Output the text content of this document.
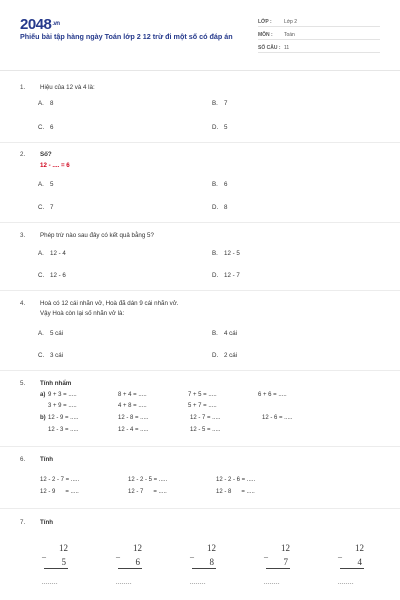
$2048^{.vn}$
Phiếu bài tập hàng ngày Toán lớp 2 12 trừ đi một số có đáp án
LỚP :	Lớp 2
MÔN :	Toán
SỐ CÂU : 11
1. Hiệu của 12 và 4 là:
A. 8	B. 7
C. 6	D. 5
2. Số?
12 - .... = 6
A. 5	B. 6
C. 7	D. 8
3. Phép trừ nào sau đây có kết quả bằng 5?
A. 12 - 4	B. 12 - 5
C. 12 - 6	D. 12 - 7
4. Hoà có 12 cái nhãn vở, Hoà đã dán 9 cái nhãn vở.
Vậy Hoà còn lại số nhãn vở là:
A. 5 cái	B. 4 cái
C. 3 cái	D. 2 cái
5. Tính nhẩm
a) 9 + 3 = .....	8 + 4 = .....	7 + 5 = .....	6 + 6 = .....
3 + 9 = .....	4 + 8 = .....	5 + 7 = .....
b) 12 - 9 = .....	12 - 8 = .....	12 - 7 = .....	12 - 6 = .....
12 - 3 = .....	12 - 4 = .....	12 - 5 = .....
6. Tính
12 - 2 - 7 = .....	12 - 2 - 5 = .....	12 - 2 - 6 = .....
12 - 9      = .....	12 - 7      = .....	12 - 8      = .....
7. Tính
12
_
5
........
12
_
6
........
12
_
8
........
12
_
7
........
12
_
4
........
